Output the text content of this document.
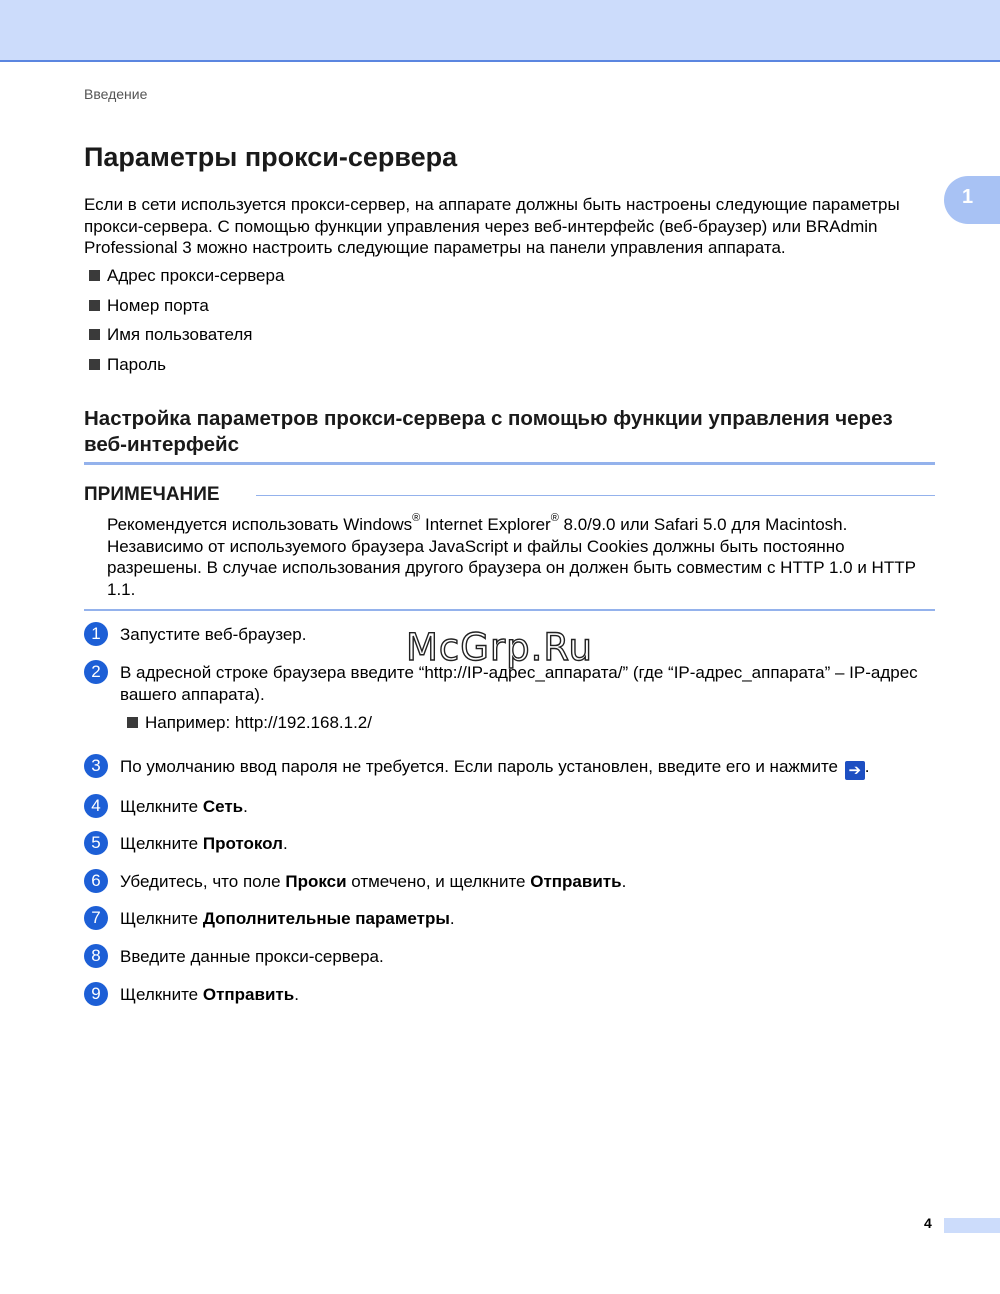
Введение
1
Параметры прокси-сервера

Если в сети используется прокси-сервер, на аппарате должны быть настроены следующие параметры прокси-сервера. С помощью функции управления через веб-интерфейс (веб-браузер) или BRAdmin Professional 3 можно настроить следующие параметры на панели управления аппарата.

Адрес прокси-сервера
Номер порта
Имя пользователя
Пароль
Настройка параметров прокси-сервера с помощью функции управления через веб-интерфейс
ПРИМЕЧАНИЕ

Рекомендуется использовать Windows® Internet Explorer® 8.0/9.0 или Safari 5.0 для Macintosh. Независимо от используемого браузера JavaScript и файлы Cookies должны быть постоянно разрешены. В случае использования другого браузера он должен быть совместим с HTTP 1.0 и HTTP 1.1.

1	Запустите веб-браузер.
2	В адресной строке браузера введите “http://IP-адрес_аппарата/” (где “IP-адрес_аппарата” – IP-адрес вашего аппарата).
Например: http://192.168.1.2/
3	По умолчанию ввод пароля не требуется. Если пароль установлен, введите его и нажмите ➔ .
4	Щелкните Сеть.
5	Щелкните Протокол.
6	Убедитесь, что поле Прокси отмечено, и щелкните Отправить.
7	Щелкните Дополнительные параметры.
8	Введите данные прокси-сервера.
9	Щелкните Отправить.
McGrp.Ru
4
